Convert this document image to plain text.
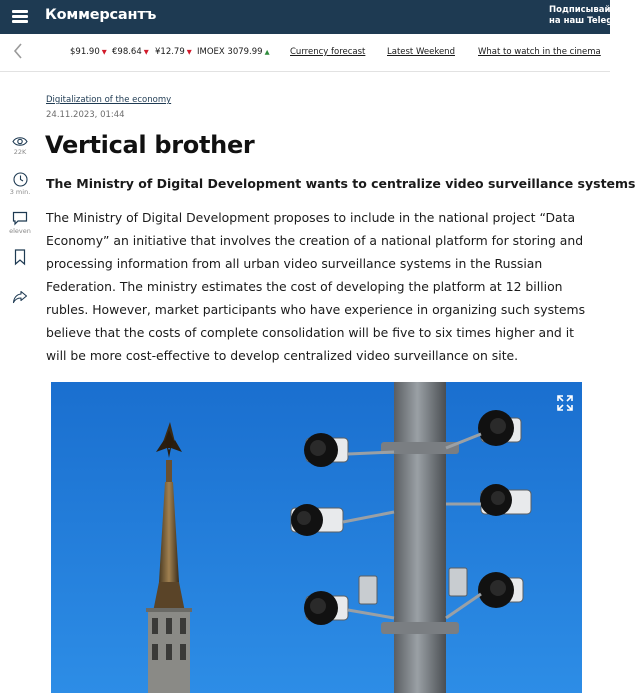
Коммерсантъ	Подписывайтесь
на наш Telegram
$91.90 ▼ €98.64 ▼ ¥12.79 ▼ IMOEX 3079.99 ▲ Currency forecast	Latest Weekend	What to watch in the cinema
22K
3 min.
eleven
Digitalization of the economy
24.11.2023, 01:44
Vertical brother
The Ministry of Digital Development wants to centralize video surveillance systems

The Ministry of Digital Development proposes to include in the national project “Data Economy” an initiative that involves the creation of a national platform for storing and processing information from all urban video surveillance systems in the Russian Federation. The ministry estimates the cost of developing the platform at 12 billion rubles. However, market participants who have experience in organizing such systems believe that the costs of complete consolidation will be five to six times higher and it will be more cost-effective to develop centralized video surveillance on site.
